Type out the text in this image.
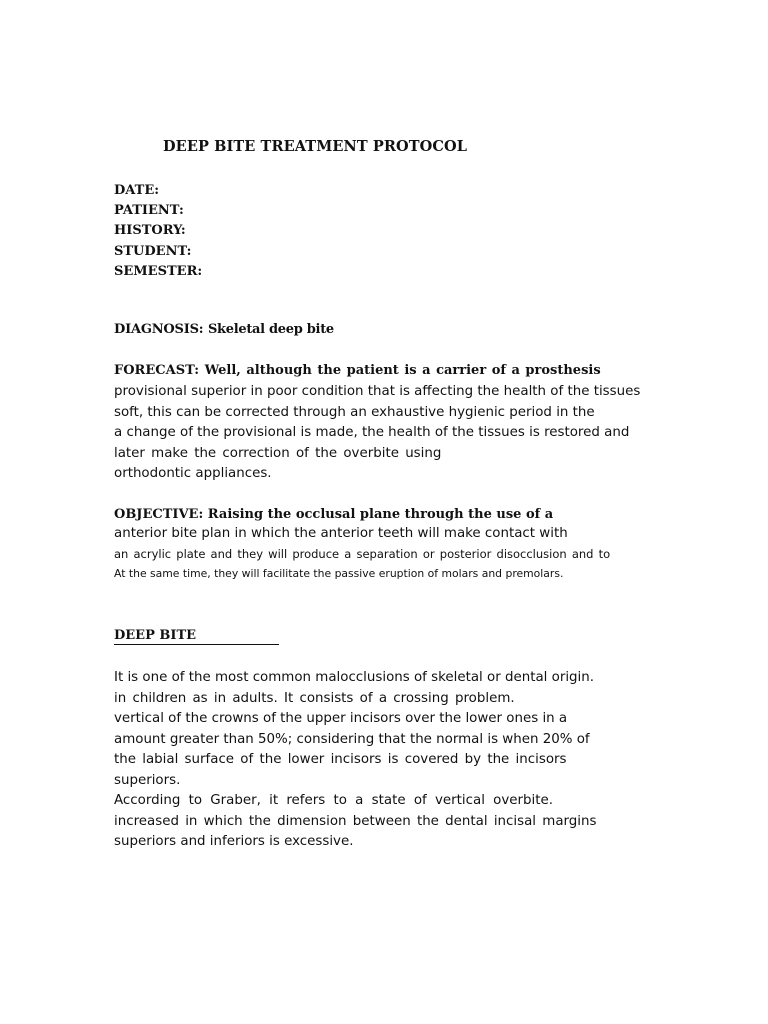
DEEP BITE TREATMENT PROTOCOL
DATE:
PATIENT:
HISTORY:
STUDENT:
SEMESTER:
DIAGNOSIS: Skeletal deep bite
FORECAST: Well, although the patient is a carrier of a prosthesis
provisional superior in poor condition that is affecting the health of the tissues
soft, this can be corrected through an exhaustive hygienic period in the
a change of the provisional is made, the health of the tissues is restored and
later make the correction of the overbite using
orthodontic appliances.
OBJECTIVE: Raising the occlusal plane through the use of a
anterior bite plan in which the anterior teeth will make contact with
an acrylic plate and they will produce a separation or posterior disocclusion and to
At the same time, they will facilitate the passive eruption of molars and premolars.
DEEP BITE
It is one of the most common malocclusions of skeletal or dental origin.
in children as in adults. It consists of a crossing problem.
vertical of the crowns of the upper incisors over the lower ones in a
amount greater than 50%; considering that the normal is when 20% of
the labial surface of the lower incisors is covered by the incisors
superiors.
According to Graber, it refers to a state of vertical overbite.
increased in which the dimension between the dental incisal margins
superiors and inferiors is excessive.
